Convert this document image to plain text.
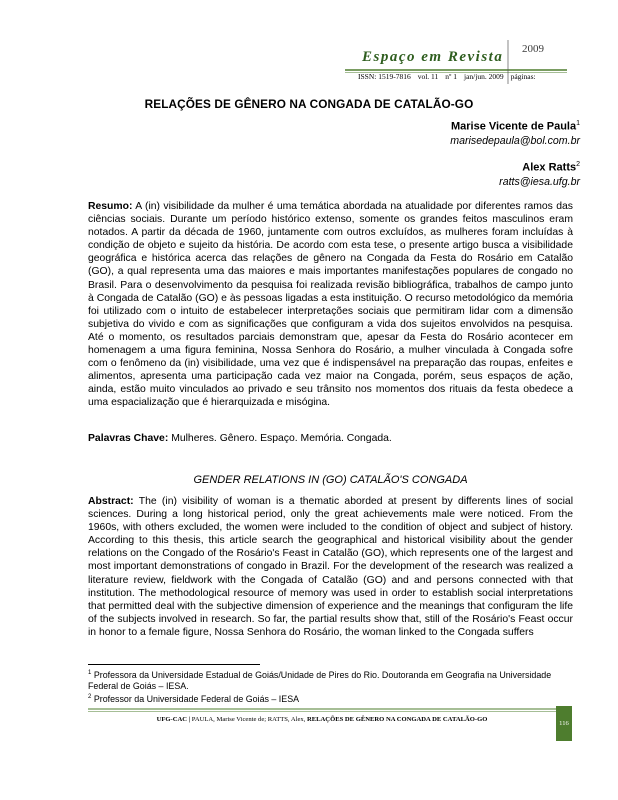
Espaço em Revista 2009
ISSN: 1519-7816 vol. 11 nº 1 jan/jun. 2009 páginas:
RELAÇÕES DE GÊNERO NA CONGADA DE CATALÃO-GO
Marise Vicente de Paula$^1$
marisedepaula@bol.com.br
Alex Ratts$^2$
ratts@iesa.ufg.br

Resumo: A (in) visibilidade da mulher é uma temática abordada na atualidade por diferentes ramos das ciências sociais. Durante um período histórico extenso, somente os grandes feitos masculinos eram notados. A partir da década de 1960, juntamente com outros excluídos, as mulheres foram incluídas à condição de objeto e sujeito da história. De acordo com esta tese, o presente artigo busca a visibilidade geográfica e histórica acerca das relações de gênero na Congada da Festa do Rosário em Catalão (GO), a qual representa uma das maiores e mais importantes manifestações populares de congado no Brasil. Para o desenvolvimento da pesquisa foi realizada revisão bibliográfica, trabalhos de campo junto à Congada de Catalão (GO) e às pessoas ligadas a esta instituição. O recurso metodológico da memória foi utilizado com o intuito de estabelecer interpretações sociais que permitiram lidar com a dimensão subjetiva do vivido e com as significações que configuram a vida dos sujeitos envolvidos na pesquisa. Até o momento, os resultados parciais demonstram que, apesar da Festa do Rosário acontecer em homenagem a uma figura feminina, Nossa Senhora do Rosário, a mulher vinculada à Congada sofre com o fenômeno da (in) visibilidade, uma vez que é indispensável na preparação das roupas, enfeites e alimentos, apresenta uma participação cada vez maior na Congada, porém, seus espaços de ação, ainda, estão muito vinculados ao privado e seu trânsito nos momentos dos rituais da festa obedece a uma espacialização que é hierarquizada e misógina.

Palavras Chave: Mulheres. Gênero. Espaço. Memória. Congada.

GENDER RELATIONS IN (GO) CATALÃO'S CONGADA

Abstract: The (in) visibility of woman is a thematic aborded at present by differents lines of social sciences. During a long historical period, only the great achievements male were noticed. From the 1960s, with others excluded, the women were included to the condition of object and subject of history. According to this thesis, this article search the geographical and historical visibility about the gender relations on the Congado of the Rosário's Feast in Catalão (GO), which represents one of the largest and most important demonstrations of congado in Brazil. For the development of the research was realized a literature review, fieldwork with the Congada of Catalão (GO) and and persons connected with that institution. The methodological resource of memory was used in order to establish social interpretations that permitted deal with the subjective dimension of experience and the meanings that configuram the life of the subjects involved in research. So far, the partial results show that, still of the Rosário's Feast occur in honor to a female figure, Nossa Senhora do Rosário, the woman linked to the Congada suffers

$^1$ Professora da Universidade Estadual de Goiás/Unidade de Pires do Rio. Doutoranda em Geografia na Universidade Federal de Goiás – IESA.

$^2$ Professor da Universidade Federal de Goiás – IESA

UFG-CAC | PAULA, Marise Vicente de; RATTS, Alex, RELAÇÕES DE GÊNERO NA CONGADA DE CATALÃO-GO
116
